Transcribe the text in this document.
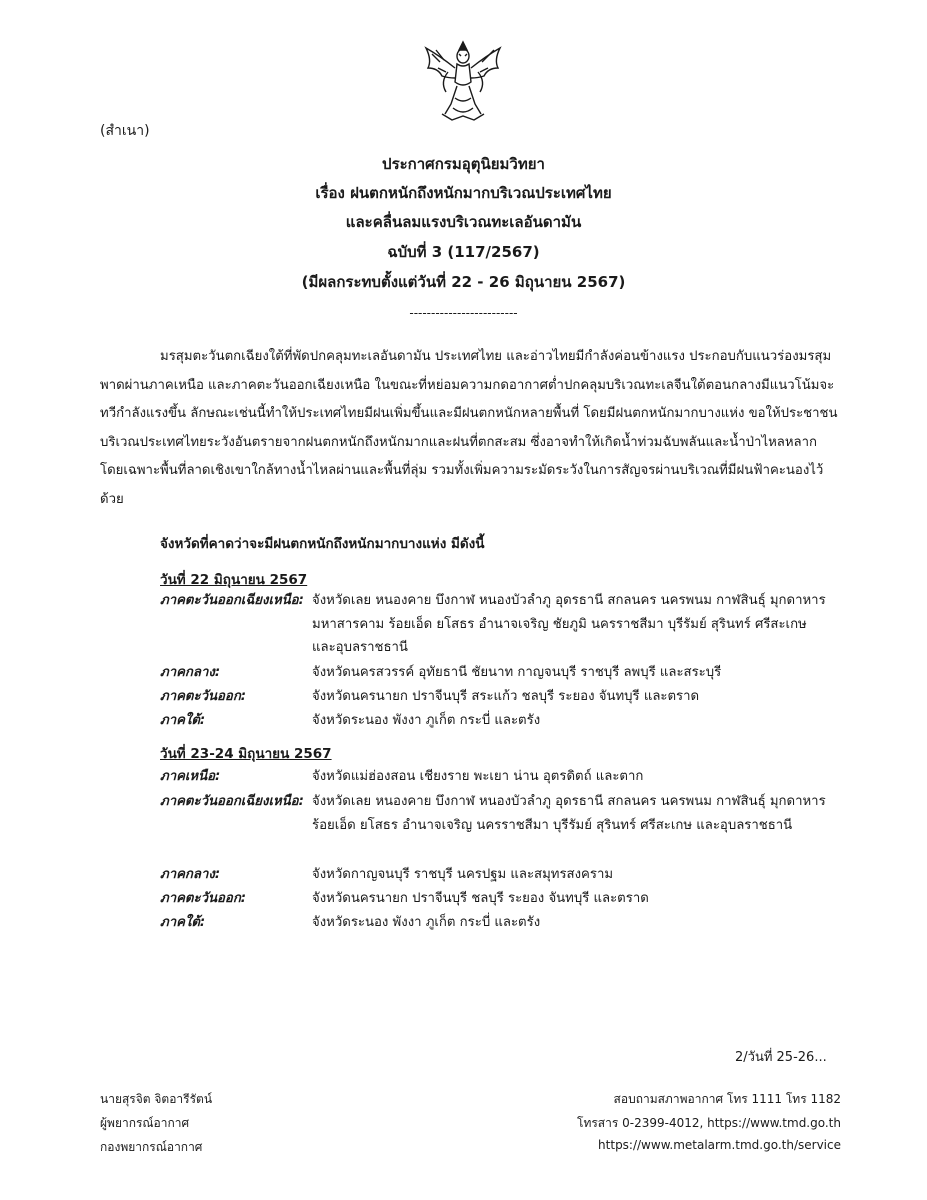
(สำเนา)
ประกาศกรมอุตุนิยมวิทยา
เรื่อง ฝนตกหนักถึงหนักมากบริเวณประเทศไทย
และคลื่นลมแรงบริเวณทะเลอันดามัน
ฉบับที่ 3 (117/2567)
(มีผลกระทบตั้งแต่วันที่ 22 - 26 มิถุนายน 2567)
-------------------------

มรสุมตะวันตกเฉียงใต้ที่พัดปกคลุมทะเลอันดามัน ประเทศไทย และอ่าวไทยมีกำลังค่อนข้างแรง ประกอบกับแนวร่องมรสุมพาดผ่านภาคเหนือ และภาคตะวันออกเฉียงเหนือ ในขณะที่หย่อมความกดอากาศต่ำปกคลุมบริเวณทะเลจีนใต้ตอนกลางมีแนวโน้มจะทวีกำลังแรงขึ้น ลักษณะเช่นนี้ทำให้ประเทศไทยมีฝนเพิ่มขึ้นและมีฝนตกหนักหลายพื้นที่ โดยมีฝนตกหนักมากบางแห่ง ขอให้ประชาชนบริเวณประเทศไทยระวังอันตรายจากฝนตกหนักถึงหนักมากและฝนที่ตกสะสม ซึ่งอาจทำให้เกิดน้ำท่วมฉับพลันและน้ำป่าไหลหลาก โดยเฉพาะพื้นที่ลาดเชิงเขาใกล้ทางน้ำไหลผ่านและพื้นที่ลุ่ม รวมทั้งเพิ่มความระมัดระวังในการสัญจรผ่านบริเวณที่มีฝนฟ้าคะนองไว้ด้วย

จังหวัดที่คาดว่าจะมีฝนตกหนักถึงหนักมากบางแห่ง มีดังนี้
วันที่ 22 มิถุนายน 2567
ภาคตะวันออกเฉียงเหนือ: จังหวัดเลย หนองคาย บึงกาฬ หนองบัวลำภู อุดรธานี สกลนคร นครพนม กาฬสินธุ์ มุกดาหาร มหาสารคาม ร้อยเอ็ด ยโสธร อำนาจเจริญ ชัยภูมิ นครราชสีมา บุรีรัมย์ สุรินทร์ ศรีสะเกษ และอุบลราชธานี
ภาคกลาง:	จังหวัดนครสวรรค์ อุทัยธานี ชัยนาท กาญจนบุรี ราชบุรี ลพบุรี และสระบุรี
ภาคตะวันออก:	จังหวัดนครนายก ปราจีนบุรี สระแก้ว ชลบุรี ระยอง จันทบุรี และตราด
ภาคใต้:	จังหวัดระนอง พังงา ภูเก็ต กระบี่ และตรัง
วันที่ 23-24 มิถุนายน 2567
ภาคเหนือ:	จังหวัดแม่ฮ่องสอน เชียงราย พะเยา น่าน อุตรดิตถ์ และตาก
ภาคตะวันออกเฉียงเหนือ: จังหวัดเลย หนองคาย บึงกาฬ หนองบัวลำภู อุดรธานี สกลนคร นครพนม กาฬสินธุ์ มุกดาหาร ร้อยเอ็ด ยโสธร อำนาจเจริญ นครราชสีมา บุรีรัมย์ สุรินทร์ ศรีสะเกษ และอุบลราชธานี
ภาคกลาง:	จังหวัดกาญจนบุรี ราชบุรี นครปฐม และสมุทรสงคราม
ภาคตะวันออก:	จังหวัดนครนายก ปราจีนบุรี ชลบุรี ระยอง จันทบุรี และตราด
ภาคใต้:	จังหวัดระนอง พังงา ภูเก็ต กระบี่ และตรัง
2/วันที่ 25-26...
นายสุรจิต จิตอารีรัตน์
ผู้พยากรณ์อากาศ
กองพยากรณ์อากาศ
สอบถามสภาพอากาศ โทร 1111 โทร 1182
โทรสาร 0-2399-4012, https://www.tmd.go.th
https://www.metalarm.tmd.go.th/service
